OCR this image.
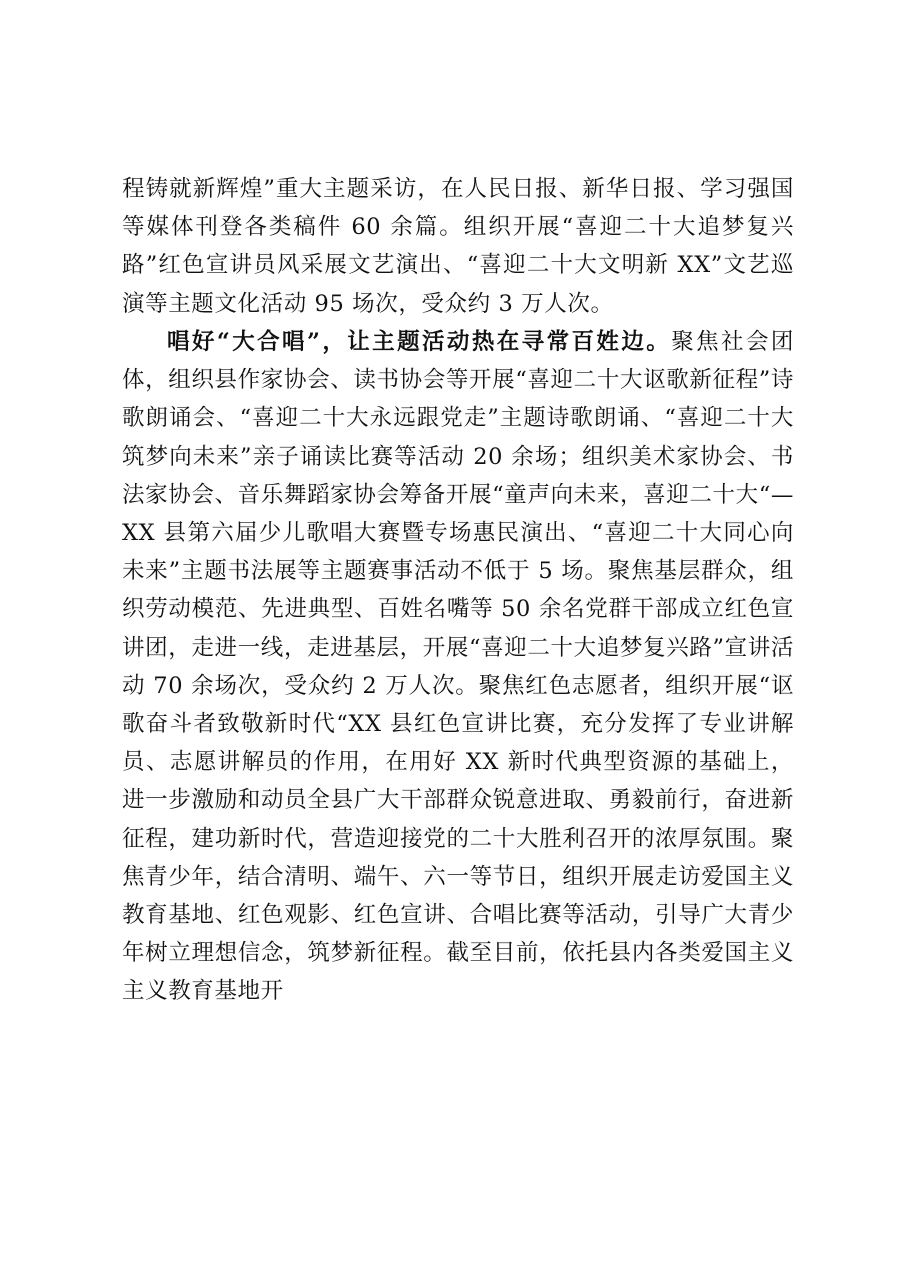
程铸就新辉煌”重大主题采访，在人民日报、新华日报、学习强国等媒体刊登各类稿件 60 余篇。组织开展“喜迎二十大追梦复兴路”红色宣讲员风采展文艺演出、“喜迎二十大文明新 XX”文艺巡演等主题文化活动 95 场次，受众约 3 万人次。

唱好“大合唱”，让主题活动热在寻常百姓边。聚焦社会团体，组织县作家协会、读书协会等开展“喜迎二十大讴歌新征程”诗歌朗诵会、“喜迎二十大永远跟党走”主题诗歌朗诵、“喜迎二十大筑梦向未来”亲子诵读比赛等活动 20 余场；组织美术家协会、书法家协会、音乐舞蹈家协会筹备开展“童声向未来，喜迎二十大“—XX 县第六届少儿歌唱大赛暨专场惠民演出、“喜迎二十大同心向未来”主题书法展等主题赛事活动不低于 5 场。聚焦基层群众，组织劳动模范、先进典型、百姓名嘴等 50 余名党群干部成立红色宣讲团，走进一线，走进基层，开展“喜迎二十大追梦复兴路”宣讲活动 70 余场次，受众约 2 万人次。聚焦红色志愿者，组织开展“讴歌奋斗者致敬新时代“XX 县红色宣讲比赛，充分发挥了专业讲解员、志愿讲解员的作用，在用好 XX 新时代典型资源的基础上，进一步激励和动员全县广大干部群众锐意进取、勇毅前行，奋进新征程，建功新时代，营造迎接党的二十大胜利召开的浓厚氛围。聚焦青少年，结合清明、端午、六一等节日，组织开展走访爱国主义教育基地、红色观影、红色宣讲、合唱比赛等活动，引导广大青少年树立理想信念，筑梦新征程。截至目前，依托县内各类爱国主义主义教育基地开
